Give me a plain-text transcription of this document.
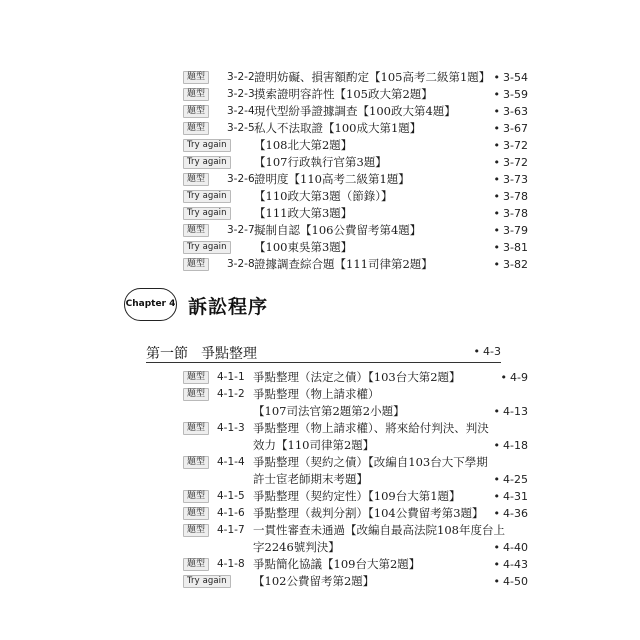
題型	3-2-2 證明妨礙、損害額酌定【105高考二級第1題】 • 3-54
題型	3-2-3 摸索證明容許性【105政大第2題】	• 3-59
題型	3-2-4 現代型紛爭證據調查【100政大第4題】	• 3-63
題型	3-2-5 私人不法取證【100成大第1題】	• 3-67
Try again	【108北大第2題】	• 3-72
Try again	【107行政執行官第3題】	• 3-72
題型	3-2-6 證明度【110高考二級第1題】	• 3-73
Try again	【110政大第3題（節錄）】	• 3-78
Try again	【111政大第3題】	• 3-78
題型	3-2-7 擬制自認【106公費留考第4題】	• 3-79
Try again	【100東吳第3題】	• 3-81
題型	3-2-8 證據調查綜合題【111司律第2題】	• 3-82
Chapter 4 訴訟程序
第一節 爭點整理	• 4-3
題型	4-1-1 爭點整理（法定之債）【103台大第2題】	• 4-9
題型	4-1-2 爭點整理（物上請求權）
【107司法官第2題第2小題】	• 4-13
題型	4-1-3 爭點整理（物上請求權）、將來給付判決、判決
效力【110司律第2題】	• 4-18
題型	4-1-4 爭點整理（契約之債）【改編自103台大下學期
許士宦老師期末考題】	• 4-25
題型	4-1-5 爭點整理（契約定性）【109台大第1題】	• 4-31
題型	4-1-6 爭點整理（裁判分割）【104公費留考第3題】 • 4-36
題型	4-1-7 一貫性審查未通過【改編自最高法院108年度台上
字2246號判決】	• 4-40
題型	4-1-8 爭點簡化協議【109台大第2題】	• 4-43
Try again	【102公費留考第2題】	• 4-50
